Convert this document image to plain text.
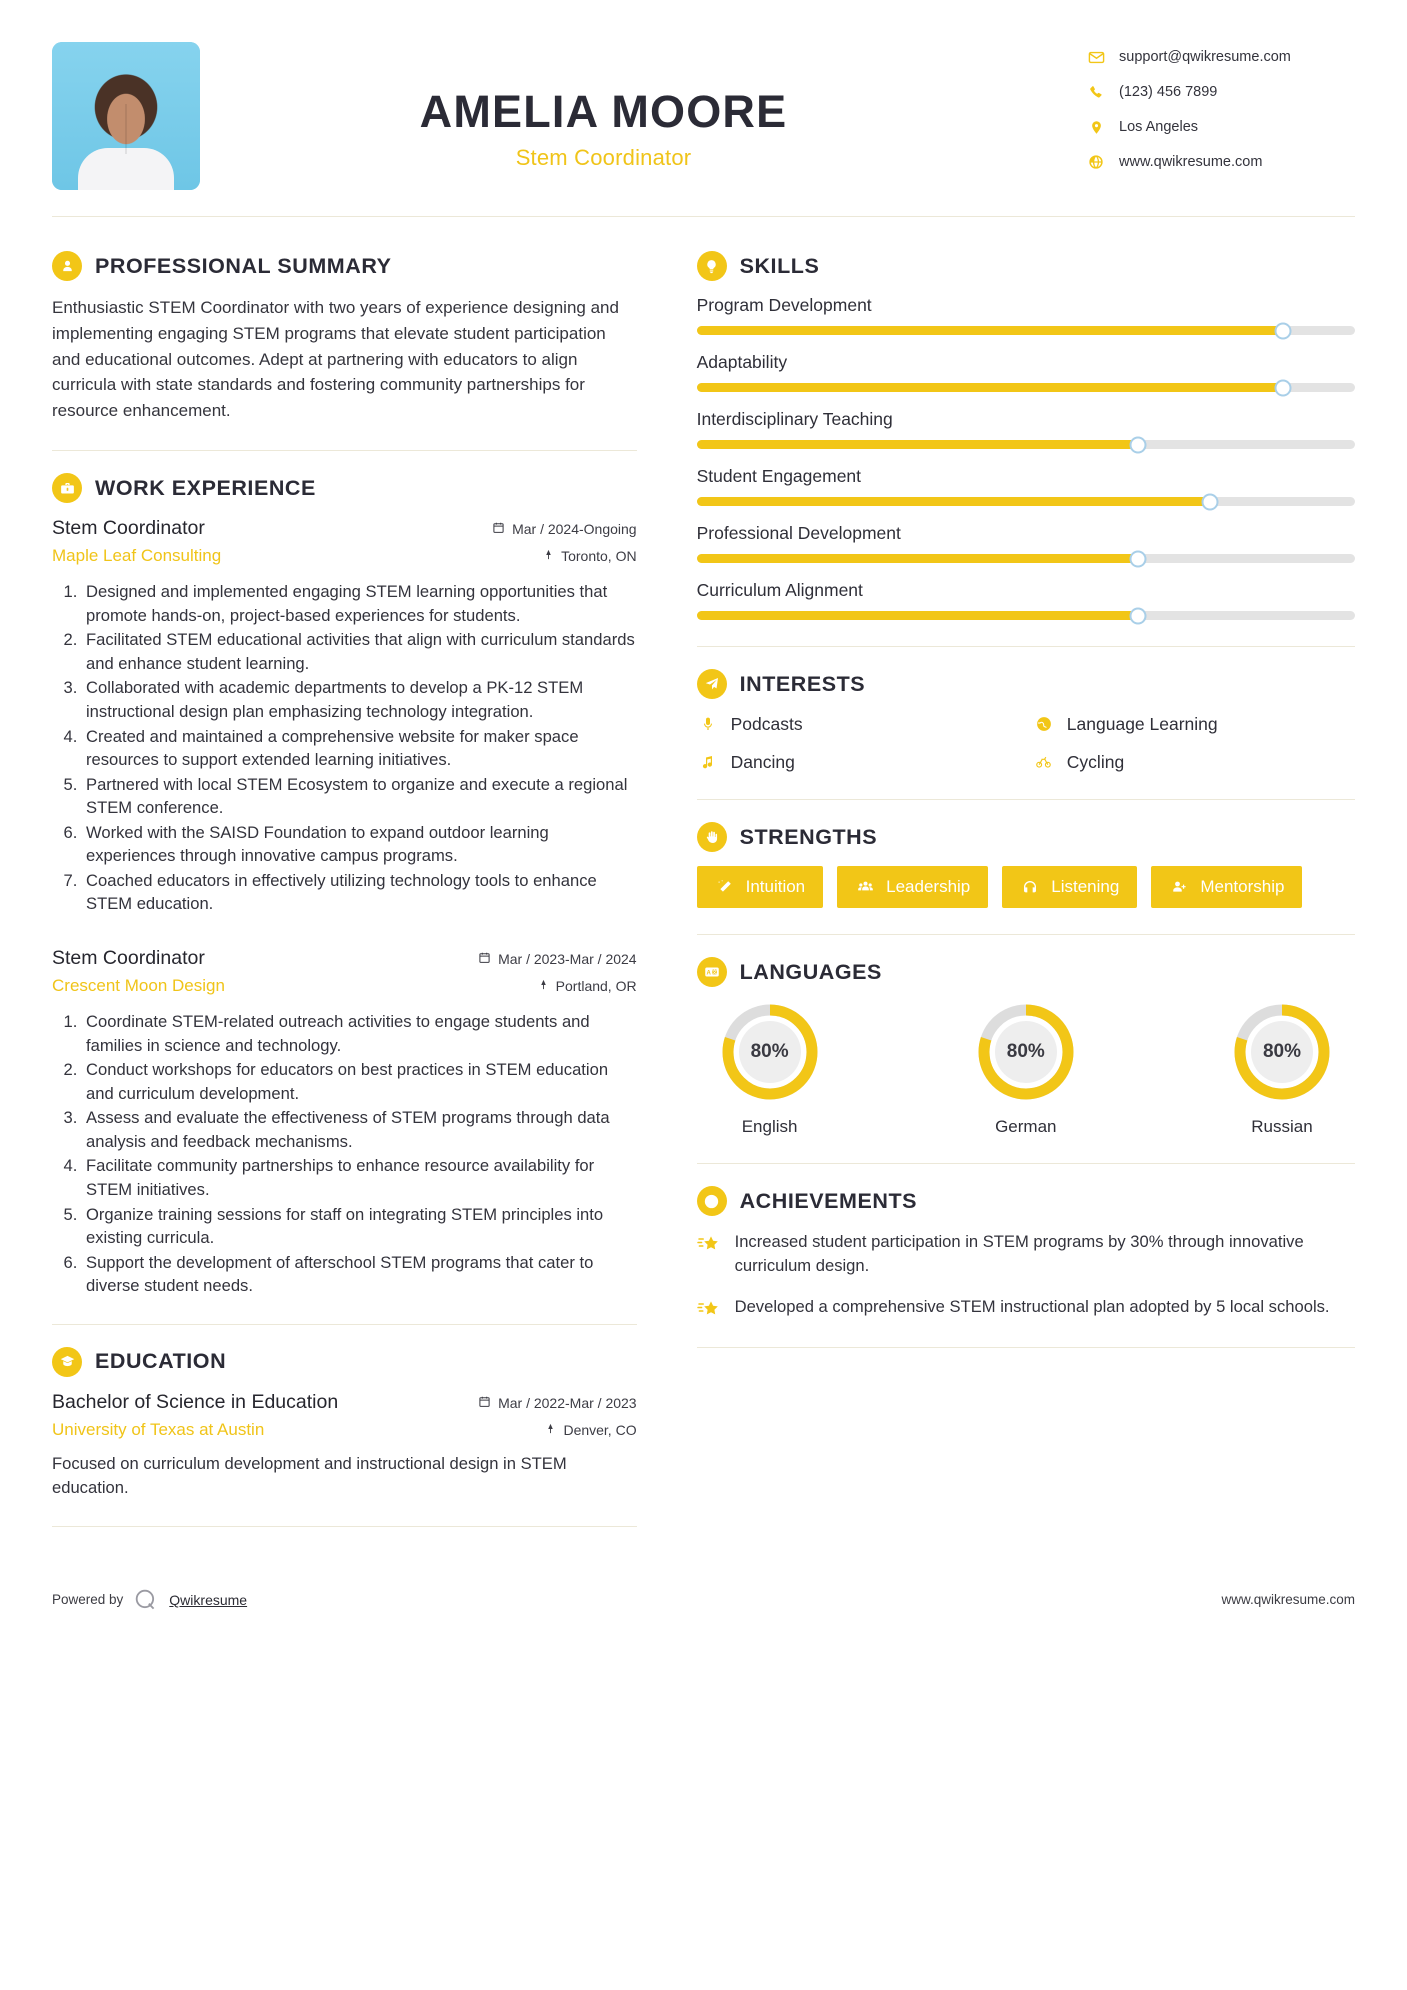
AMELIA MOORE
Stem Coordinator
support@qwikresume.com
(123) 456 7899
Los Angeles
www.qwikresume.com
PROFESSIONAL SUMMARY

Enthusiastic STEM Coordinator with two years of experience designing and implementing engaging STEM programs that elevate student participation and educational outcomes. Adept at partnering with educators to align curricula with state standards and fostering community partnerships for resource enhancement.

WORK EXPERIENCE
Stem Coordinator	Mar / 2024-Ongoing
Maple Leaf Consulting	Toronto, ON
1. Designed and implemented engaging STEM learning opportunities that promote hands-on, project-based experiences for students.
2. Facilitated STEM educational activities that align with curriculum standards and enhance student learning.
3. Collaborated with academic departments to develop a PK-12 STEM instructional design plan emphasizing technology integration.
4. Created and maintained a comprehensive website for maker space resources to support extended learning initiatives.
5. Partnered with local STEM Ecosystem to organize and execute a regional STEM conference.
6. Worked with the SAISD Foundation to expand outdoor learning experiences through innovative campus programs.
7. Coached educators in effectively utilizing technology tools to enhance STEM education.
Stem Coordinator	Mar / 2023-Mar / 2024
Crescent Moon Design	Portland, OR
1. Coordinate STEM-related outreach activities to engage students and families in science and technology.
2. Conduct workshops for educators on best practices in STEM education and curriculum development.
3. Assess and evaluate the effectiveness of STEM programs through data analysis and feedback mechanisms.
4. Facilitate community partnerships to enhance resource availability for STEM initiatives.
5. Organize training sessions for staff on integrating STEM principles into existing curricula.
6. Support the development of afterschool STEM programs that cater to diverse student needs.
EDUCATION
Bachelor of Science in Education	Mar / 2022-Mar / 2023
University of Texas at Austin	Denver, CO

Focused on curriculum development and instructional design in STEM education.

SKILLS
Program Development
Adaptability
Interdisciplinary Teaching
Student Engagement
Professional Development
Curriculum Alignment
INTERESTS
Podcasts	Language Learning
Dancing	Cycling
STRENGTHS
Intuition	Leadership	Listening	Mentorship
A 文 LANGUAGES
80%
English
80%
German
80%
Russian
ACHIEVEMENTS
Increased student participation in STEM programs by 30% through innovative curriculum design.
Developed a comprehensive STEM instructional plan adopted by 5 local schools.
Powered by	Qwikresume	www.qwikresume.com
